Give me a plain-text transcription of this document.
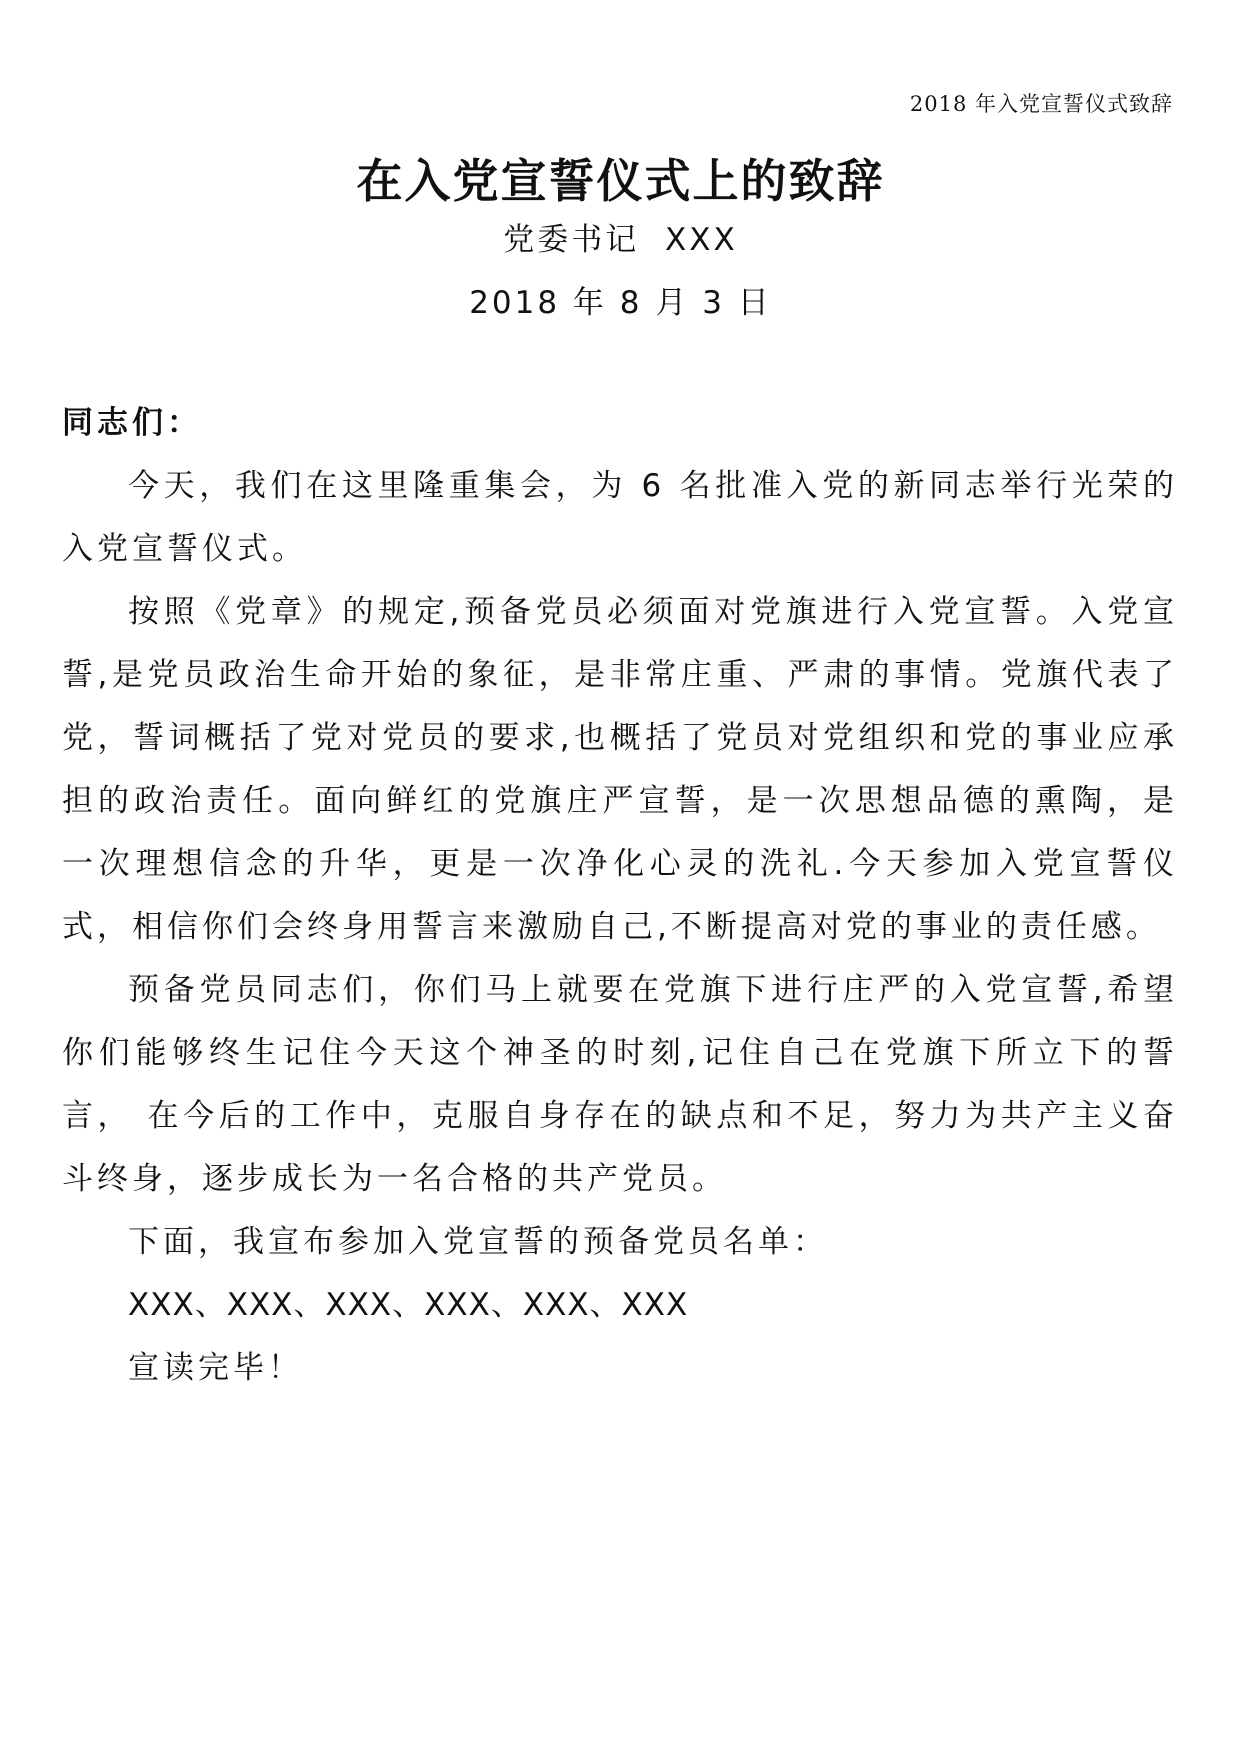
2018 年入党宣誓仪式致辞
在入党宣誓仪式上的致辞
党委书记  XXX
2018 年 8 月 3 日

同志们：

今天，我们在这里隆重集会，为 6 名批准入党的新同志举行光荣的入党宣誓仪式。

按照《党章》的规定,预备党员必须面对党旗进行入党宣誓。入党宣誓,是党员政治生命开始的象征，是非常庄重、严肃的事情。党旗代表了党，誓词概括了党对党员的要求,也概括了党员对党组织和党的事业应承担的政治责任。面向鲜红的党旗庄严宣誓，是一次思想品德的熏陶，是一次理想信念的升华，更是一次净化心灵的洗礼.今天参加入党宣誓仪式，相信你们会终身用誓言来激励自己,不断提高对党的事业的责任感。

预备党员同志们，你们马上就要在党旗下进行庄严的入党宣誓,希望你们能够终生记住今天这个神圣的时刻,记住自己在党旗下所立下的誓言， 在今后的工作中，克服自身存在的缺点和不足，努力为共产主义奋斗终身，逐步成长为一名合格的共产党员。

下面，我宣布参加入党宣誓的预备党员名单：

XXX、XXX、XXX、XXX、XXX、XXX

宣读完毕！
